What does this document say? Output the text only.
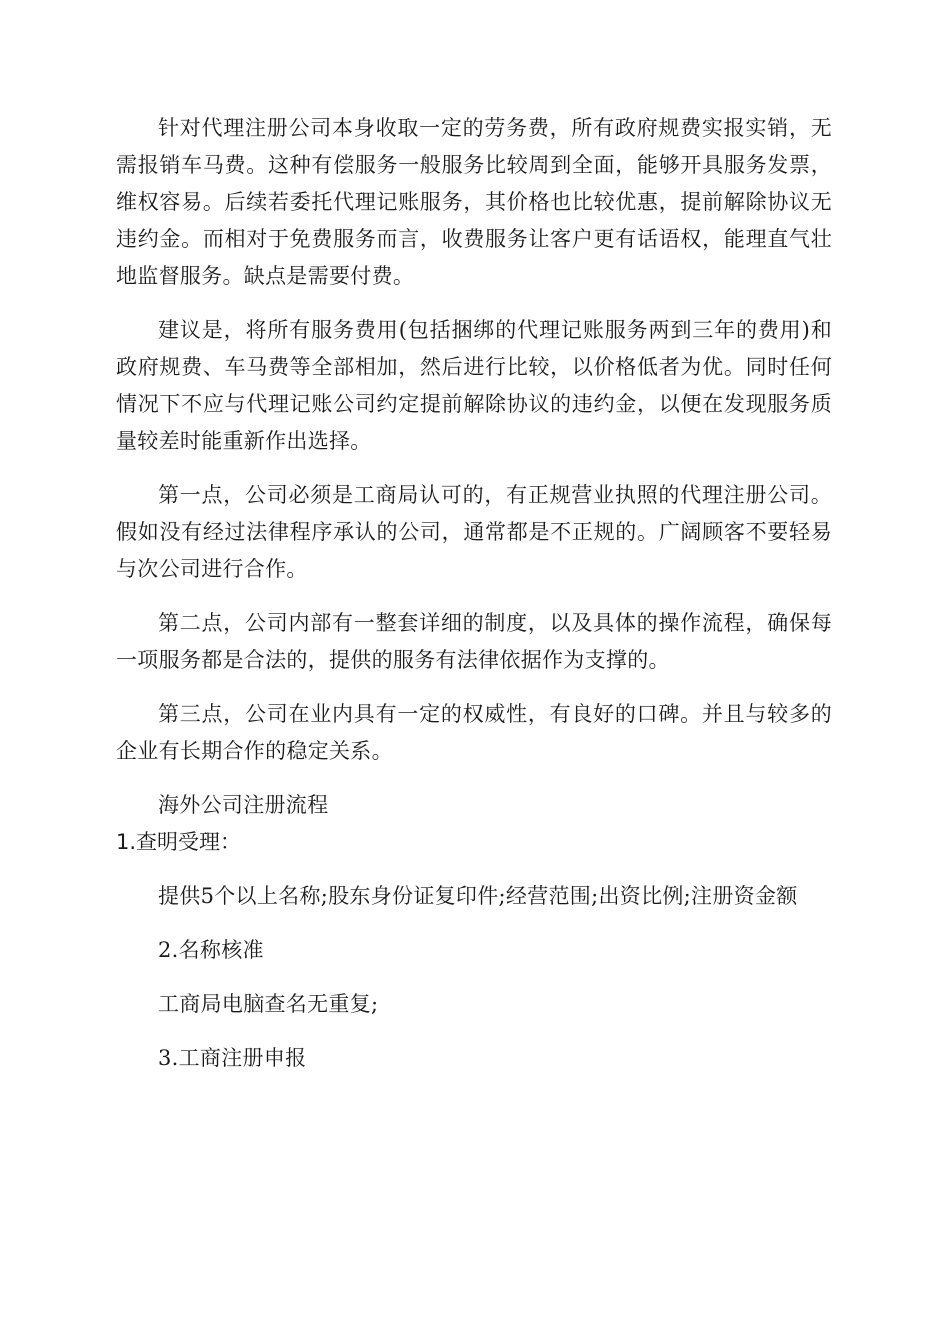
针对代理注册公司本身收取一定的劳务费，所有政府规费实报实销，无需报销车马费。这种有偿服务一般服务比较周到全面，能够开具服务发票，维权容易。后续若委托代理记账服务，其价格也比较优惠，提前解除协议无违约金。而相对于免费服务而言，收费服务让客户更有话语权，能理直气壮地监督服务。缺点是需要付费。

建议是，将所有服务费用(包括捆绑的代理记账服务两到三年的费用)和政府规费、车马费等全部相加，然后进行比较，以价格低者为优。同时任何情况下不应与代理记账公司约定提前解除协议的违约金，以便在发现服务质量较差时能重新作出选择。

第一点，公司必须是工商局认可的，有正规营业执照的代理注册公司。假如没有经过法律程序承认的公司，通常都是不正规的。广阔顾客不要轻易与次公司进行合作。

第二点，公司内部有一整套详细的制度，以及具体的操作流程，确保每一项服务都是合法的，提供的服务有法律依据作为支撑的。

第三点，公司在业内具有一定的权威性，有良好的口碑。并且与较多的企业有长期合作的稳定关系。

海外公司注册流程

1.查明受理：

提供5个以上名称;股东身份证复印件;经营范围;出资比例;注册资金额

2.名称核准

工商局电脑查名无重复;

3.工商注册申报
